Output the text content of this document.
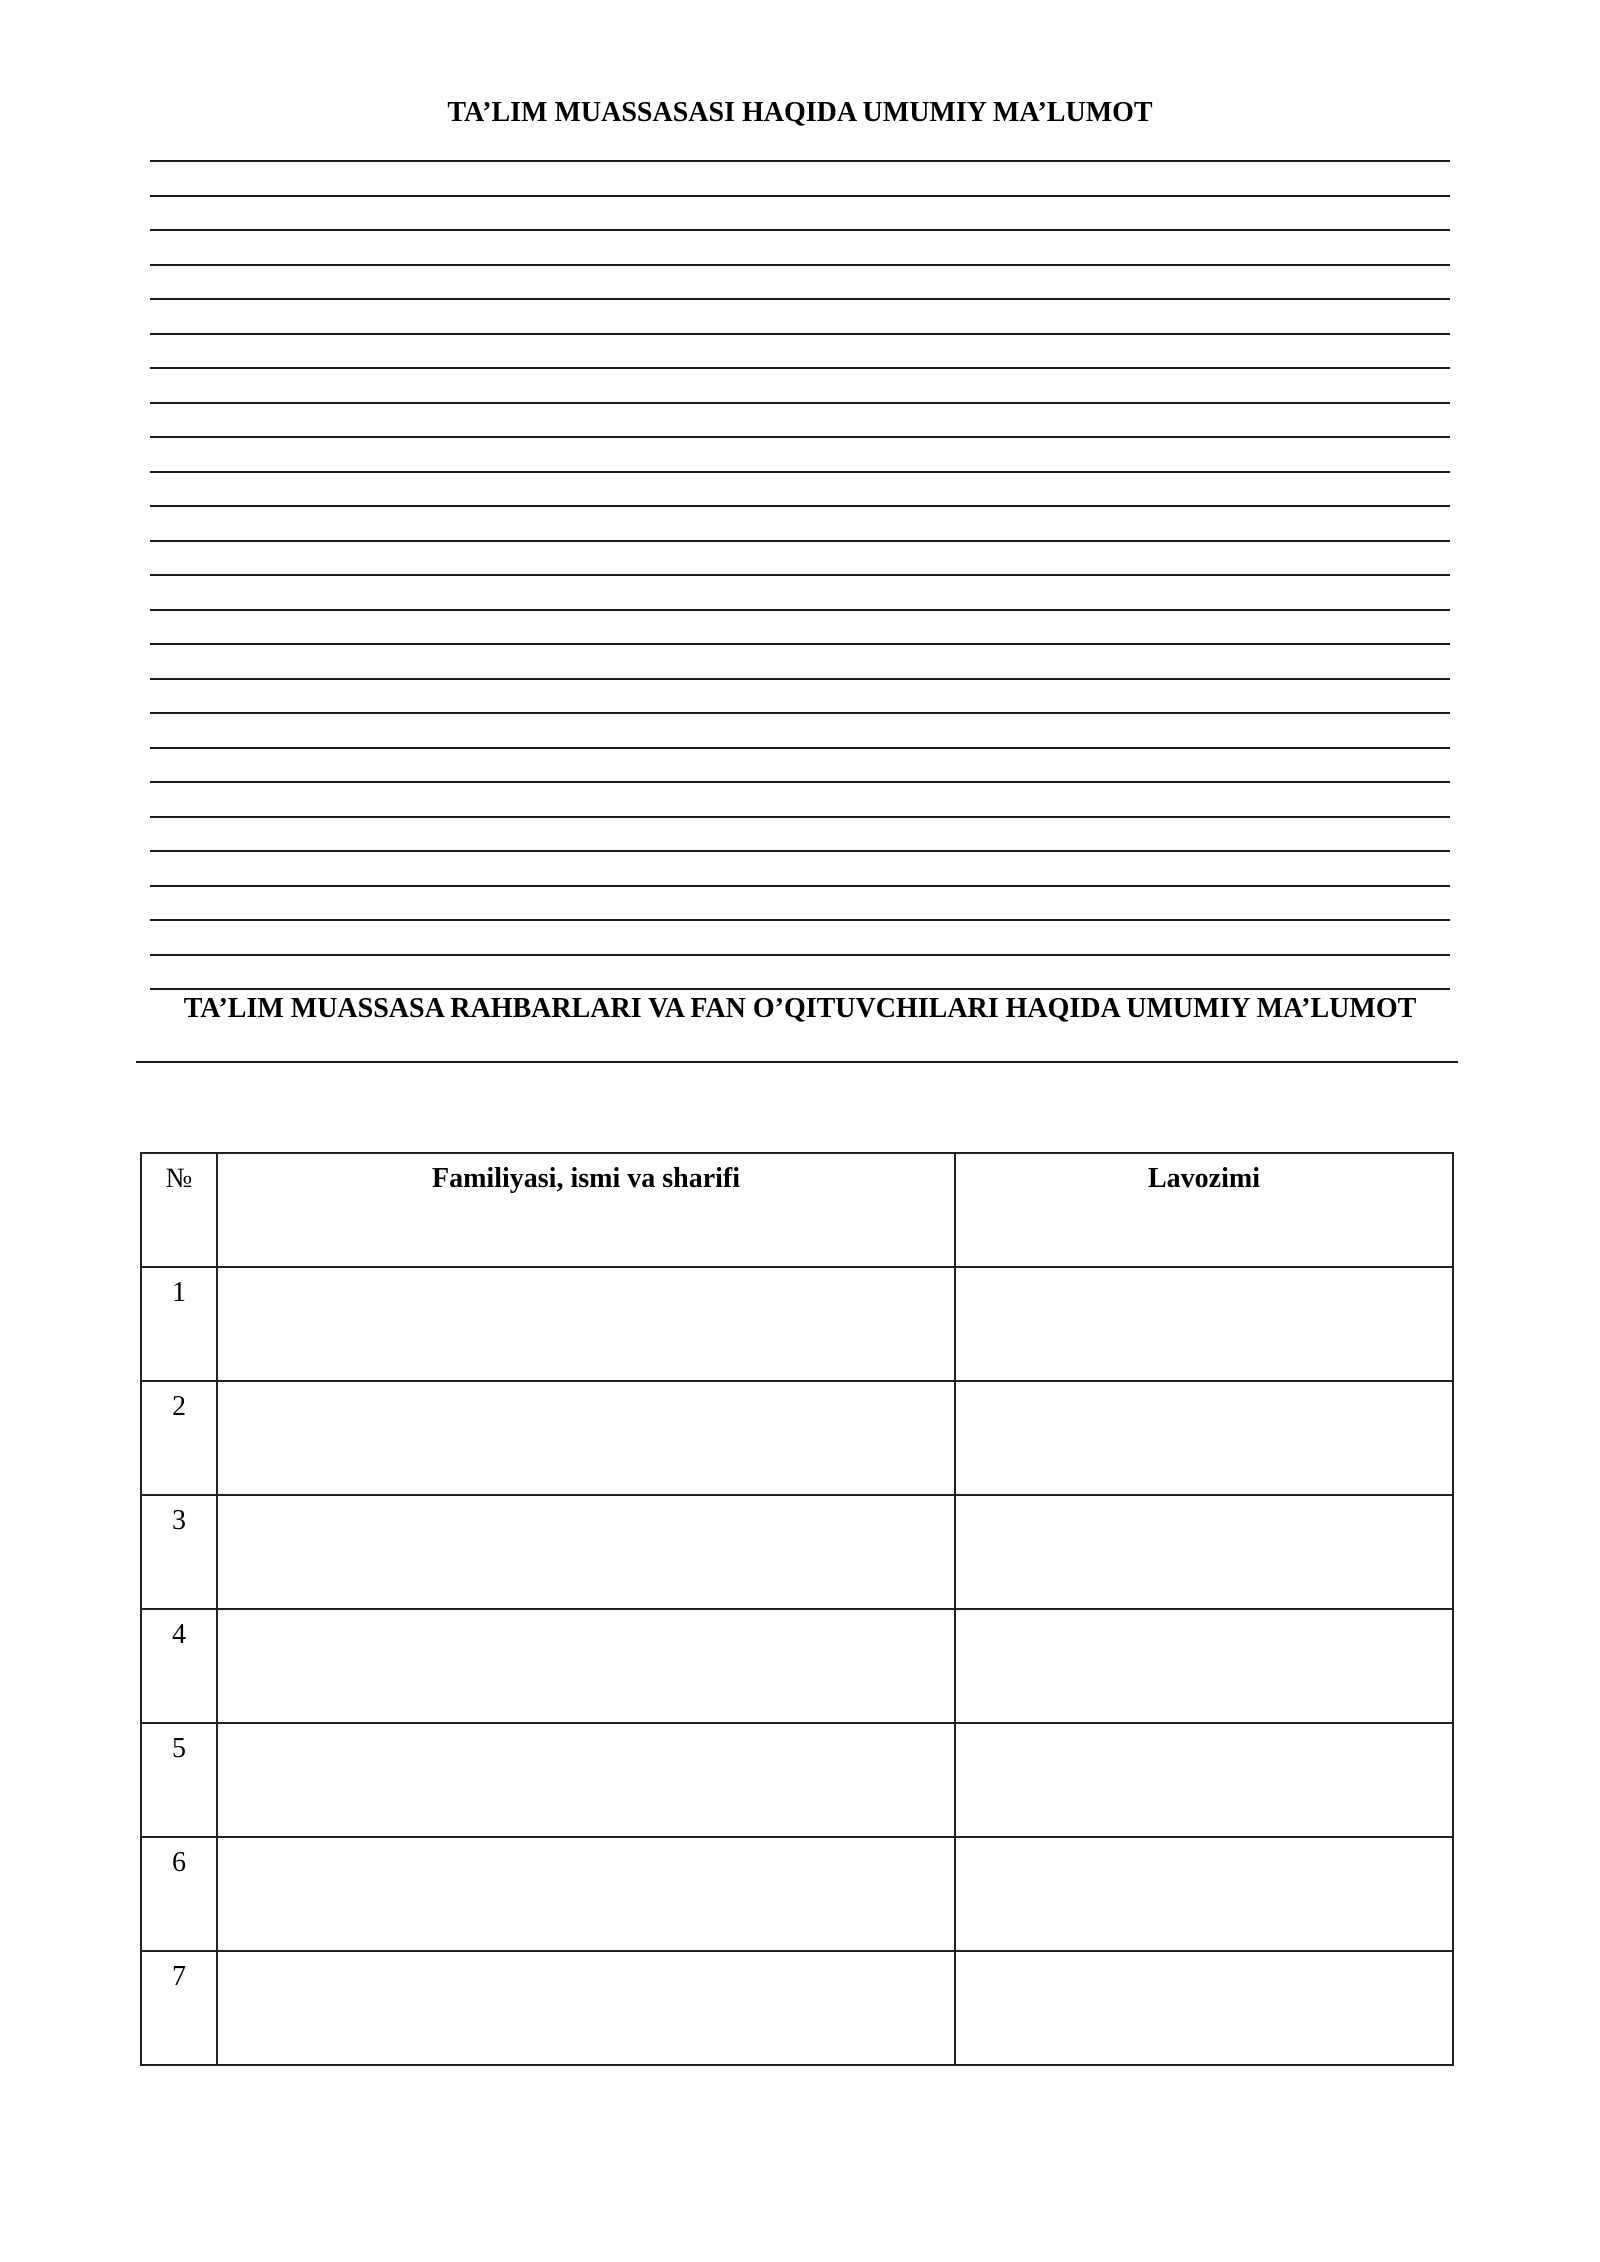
TA’LIM MUASSASASI HAQIDA UMUMIY MA’LUMOT
TA’LIM MUASSASA RAHBARLARI VA FAN O’QITUVCHILARI HAQIDA UMUMIY MA’LUMOT
№	Familiyasi, ismi va sharifi	Lavozimi
1		
2		
3		
4		
5		
6		
7		
